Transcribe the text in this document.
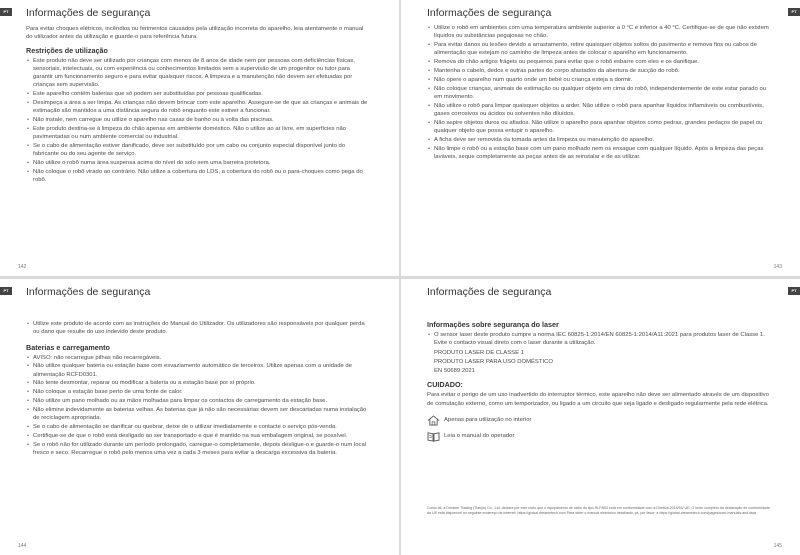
PT	Informações de segurança

Para evitar choques elétricos, incêndios ou ferimentos causados pela utilização incorreta do aparelho, leia atentamente o manual do utilizador antes da utilização e guarde-o para referência futura.

Restrições de utilização
• Este produto não deve ser utilizado por crianças com menos de 8 anos de idade nem por pessoas com deficiências físicas, sensoriais, intelectuais, ou com experiência ou conhecimentos limitados sem a supervisão de um progenitor ou tutor para garantir um funcionamento seguro e para evitar quaisquer riscos. A limpeza e a manutenção não devem ser efetuadas por crianças sem supervisão.
• Este aparelho contém baterias que só podem ser substituídas por pessoas qualificadas.
• Desimpeça a área a ser limpa. As crianças não devem brincar com este aparelho. Assegure-se de que as crianças e animais de estimação são mantidos a uma distância segura do robô enquanto este estiver a funcionar.
• Não instale, nem carregue ou utilize o aparelho nas casas de banho ou à volta das piscinas.
• Este produto destina-se à limpeza do chão apenas em ambiente doméstico. Não o utilize ao ar livre, em superfícies não pavimentadas ou num ambiente comercial ou industrial.
• Se o cabo de alimentação estiver danificado, deve ser substituído por um cabo ou conjunto especial disponível junto do fabricante ou do seu agente de serviço.
• Não utilize o robô numa área suspensa acima do nível do solo sem uma barreira protetora.
• Não coloque o robô virado ao contrário. Não utilize a cobertura do LDS, a cobertura do robô ou o para-choques como pega do robô.
142
PT
Informações de segurança
• Utilize o robô em ambientes com uma temperatura ambiente superior a 0 °C e inferior a 40 °C. Certifique-se de que não existem líquidos ou substâncias pegajosas no chão.
• Para evitar danos ou lesões devido a arrastamento, retire quaisquer objetos soltos do pavimento e remova fios ou cabos de alimentação que estejam no caminho de limpeza antes de colocar o aparelho em funcionamento.
• Remova do chão artigos frágeis ou pequenos para evitar que o robô esbarre com eles e os danifique.
• Mantenha o cabelo, dedos e outras partes do corpo afastados da abertura de sucção do robô.
• Não opere o aparelho num quarto onde um bebé ou criança esteja a dormir.
• Não coloque crianças, animais de estimação ou qualquer objeto em cima do robô, independentemente de este estar parado ou em movimento.
• Não utilize o robô para limpar quaisquer objetos a arder. Não utilize o robô para apanhar líquidos inflamáveis ou combustíveis, gases corrosivos ou ácidos ou solventes não diluídos.
• Não aspire objetos duros ou afiados. Não utilize o aparelho para apanhar objetos como pedras, grandes pedaços de papel ou qualquer objeto que possa entupir o aparelho.
• A ficha deve ser removida da tomada antes da limpeza ou manutenção do aparelho.
• Não limpe o robô ou a estação base com um pano molhado nem os enxague com qualquer líquido. Após a limpeza das peças laváveis, seque completamente as peças antes de as reinstalar e de as utilizar.
143
PT	Informações de segurança
• Utilize este produto de acordo com as instruções do Manual do Utilizador. Os utilizadores são responsáveis por qualquer perda ou dano que resulte do uso indevido deste produto.
Baterias e carregamento
• AVISO: não recarregue pilhas não recarregáveis.
• Não utilize qualquer bateria ou estação base com esvaziamento automático de terceiros. Utilize apenas com a unidade de alimentação RCFD0301.
• Não tente desmontar, reparar ou modificar a bateria ou a estação base por si próprio.
• Não coloque a estação base perto de uma fonte de calor.
• Não utilize um pano molhado ou as mãos molhadas para limpar os contactos de carregamento da estação base.
• Não elimine indevidamente as baterias velhas. As baterias que já não são necessárias devem ser descartadas numa instalação de reciclagem apropriada.
• Se o cabo de alimentação se danificar ou quebrar, deixe de o utilizar imediatamente e contacte o serviço pós-venda.
• Certifique-se de que o robô está desligado ao ser transportado e que é mantido na sua embalagem original, se possível.
• Se o robô não for utilizado durante um período prolongado, carregue-o completamente, depois desligue-o e guarde-o num local fresco e seco. Recarregue o robô pelo menos uma vez a cada 3 meses para evitar a descarga excessiva da bateria.
144
PT
Informações de segurança
Informações sobre segurança do laser
• O sensor laser deste produto cumpre a norma IEC 60825-1:2014/EN 60825-1:2014/A11:2021 para produtos laser de Classe 1. Evite o contacto visual direto com o laser durante a utilização.

PRODUTO LASER DE CLASSE 1

PRODUTO LASER PARA USO DOMÉSTICO

EN 50689:2021

CUIDADO:

Para evitar o perigo de um uso inadvertido do interruptor térmico, este aparelho não deve ser alimentado através de um dispositivo de comutação externo, como um temporizador, ou ligado a um circuito que seja ligado e desligado regularmente pela rede elétrica.

Apenas para utilização no interior
Leia o manual do operador
Como tal, a Dreame Trading (Tianjin) Co., Ltd. declara por este meio que o equipamento de rádio do tipo RLF85D está em conformidade com a Diretiva 2014/53/ UE. O texto completo da declaração de conformidade da UE está disponível no seguinte endereço de internet: https://global.dreametech.com Para obter o manual eletrónico detalhado, vá, por favor, a https://global.dreametech.com/pages/user-manuals-and-faqs
145
